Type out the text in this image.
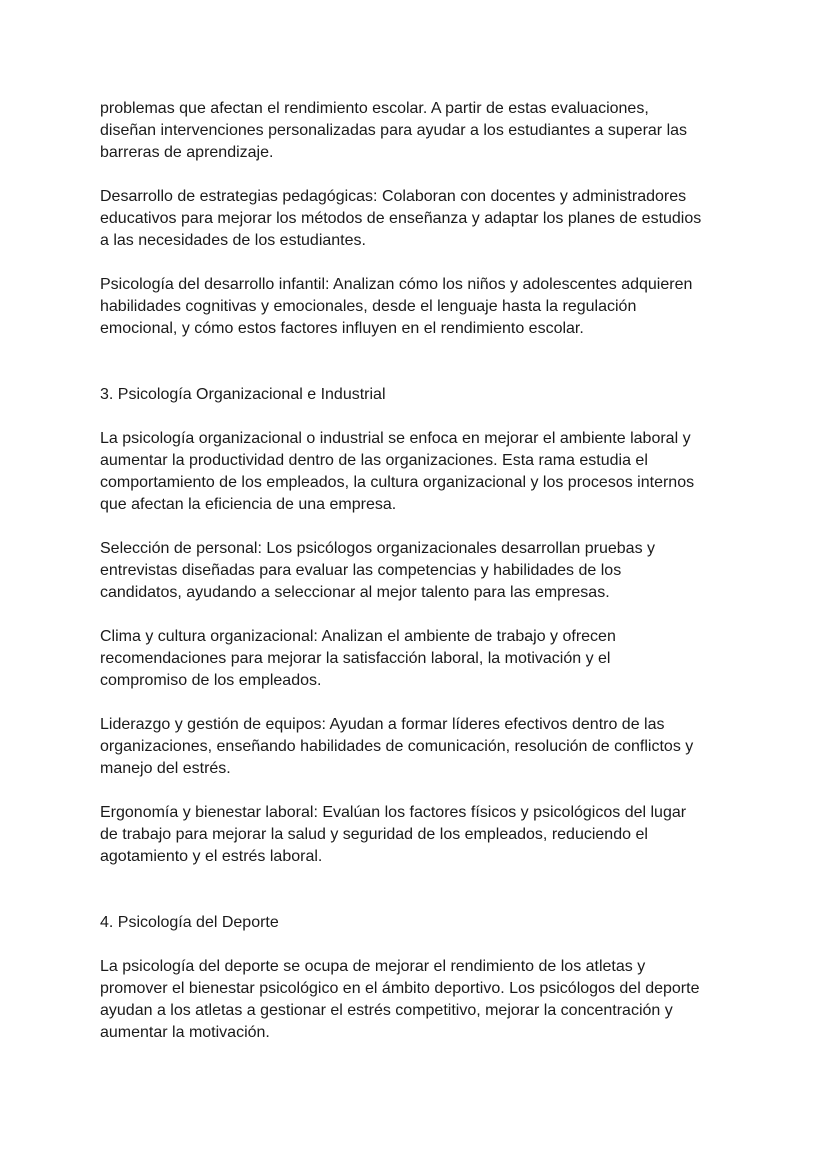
problemas que afectan el rendimiento escolar. A partir de estas evaluaciones,
diseñan intervenciones personalizadas para ayudar a los estudiantes a superar las
barreras de aprendizaje.

Desarrollo de estrategias pedagógicas: Colaboran con docentes y administradores
educativos para mejorar los métodos de enseñanza y adaptar los planes de estudios
a las necesidades de los estudiantes.

Psicología del desarrollo infantil: Analizan cómo los niños y adolescentes adquieren
habilidades cognitivas y emocionales, desde el lenguaje hasta la regulación
emocional, y cómo estos factores influyen en el rendimiento escolar.

3. Psicología Organizacional e Industrial

La psicología organizacional o industrial se enfoca en mejorar el ambiente laboral y
aumentar la productividad dentro de las organizaciones. Esta rama estudia el
comportamiento de los empleados, la cultura organizacional y los procesos internos
que afectan la eficiencia de una empresa.

Selección de personal: Los psicólogos organizacionales desarrollan pruebas y
entrevistas diseñadas para evaluar las competencias y habilidades de los
candidatos, ayudando a seleccionar al mejor talento para las empresas.

Clima y cultura organizacional: Analizan el ambiente de trabajo y ofrecen
recomendaciones para mejorar la satisfacción laboral, la motivación y el
compromiso de los empleados.

Liderazgo y gestión de equipos: Ayudan a formar líderes efectivos dentro de las
organizaciones, enseñando habilidades de comunicación, resolución de conflictos y
manejo del estrés.

Ergonomía y bienestar laboral: Evalúan los factores físicos y psicológicos del lugar
de trabajo para mejorar la salud y seguridad de los empleados, reduciendo el
agotamiento y el estrés laboral.

4. Psicología del Deporte

La psicología del deporte se ocupa de mejorar el rendimiento de los atletas y
promover el bienestar psicológico en el ámbito deportivo. Los psicólogos del deporte
ayudan a los atletas a gestionar el estrés competitivo, mejorar la concentración y
aumentar la motivación.
